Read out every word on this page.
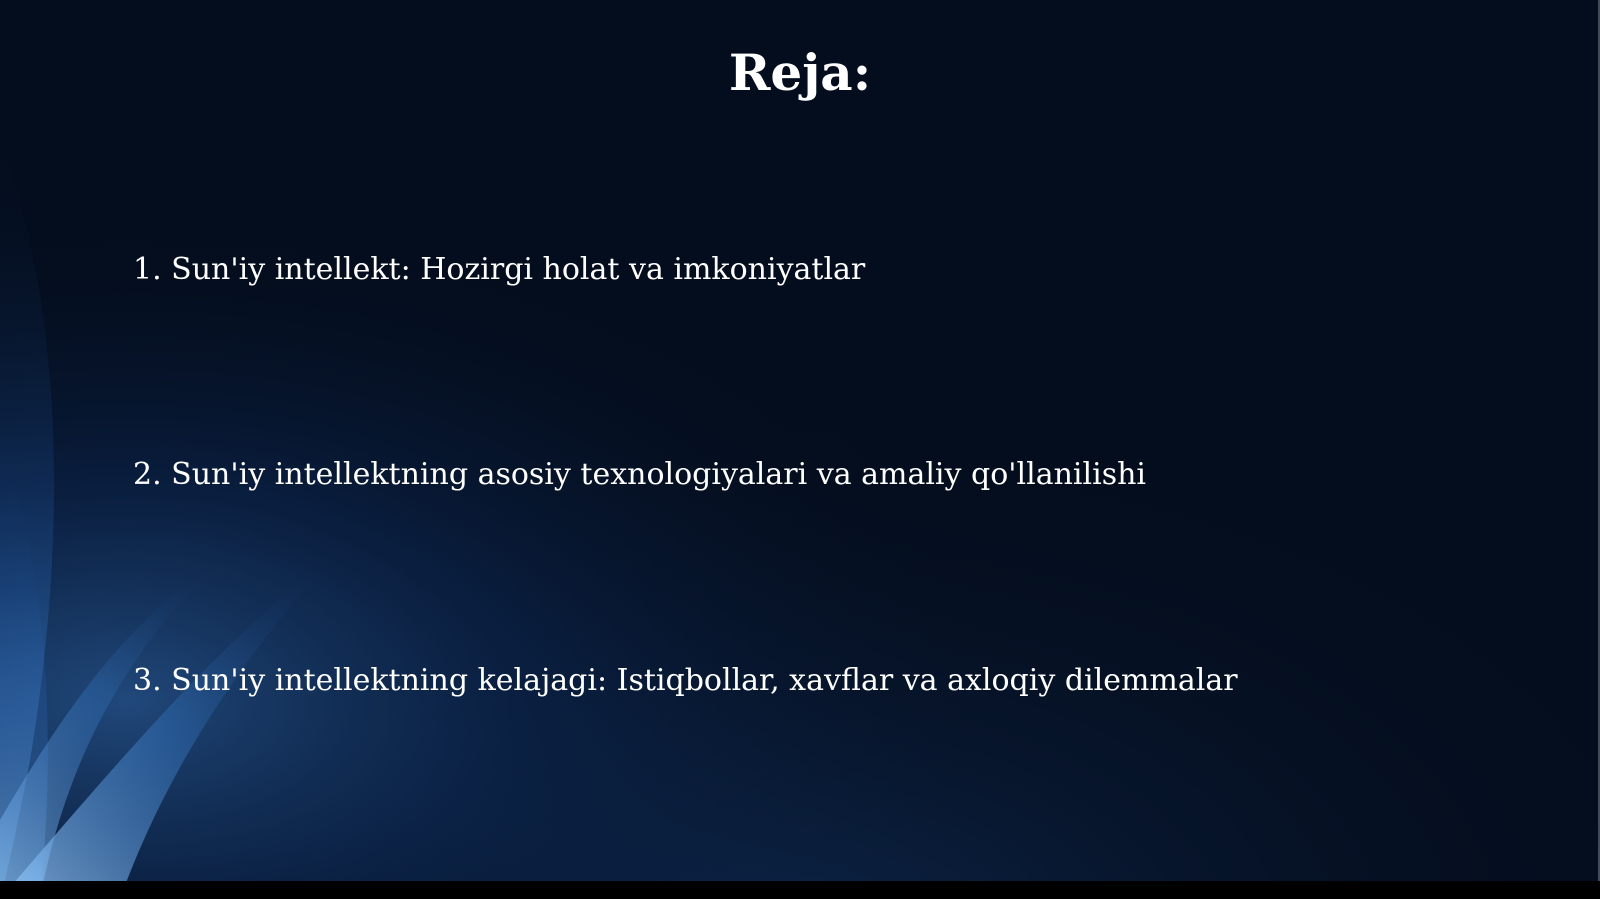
Reja:
1. Sun'iy intellekt: Hozirgi holat va imkoniyatlar
2. Sun'iy intellektning asosiy texnologiyalari va amaliy qo'llanilishi
3. Sun'iy intellektning kelajagi: Istiqbollar, xavflar va axloqiy dilemmalar
